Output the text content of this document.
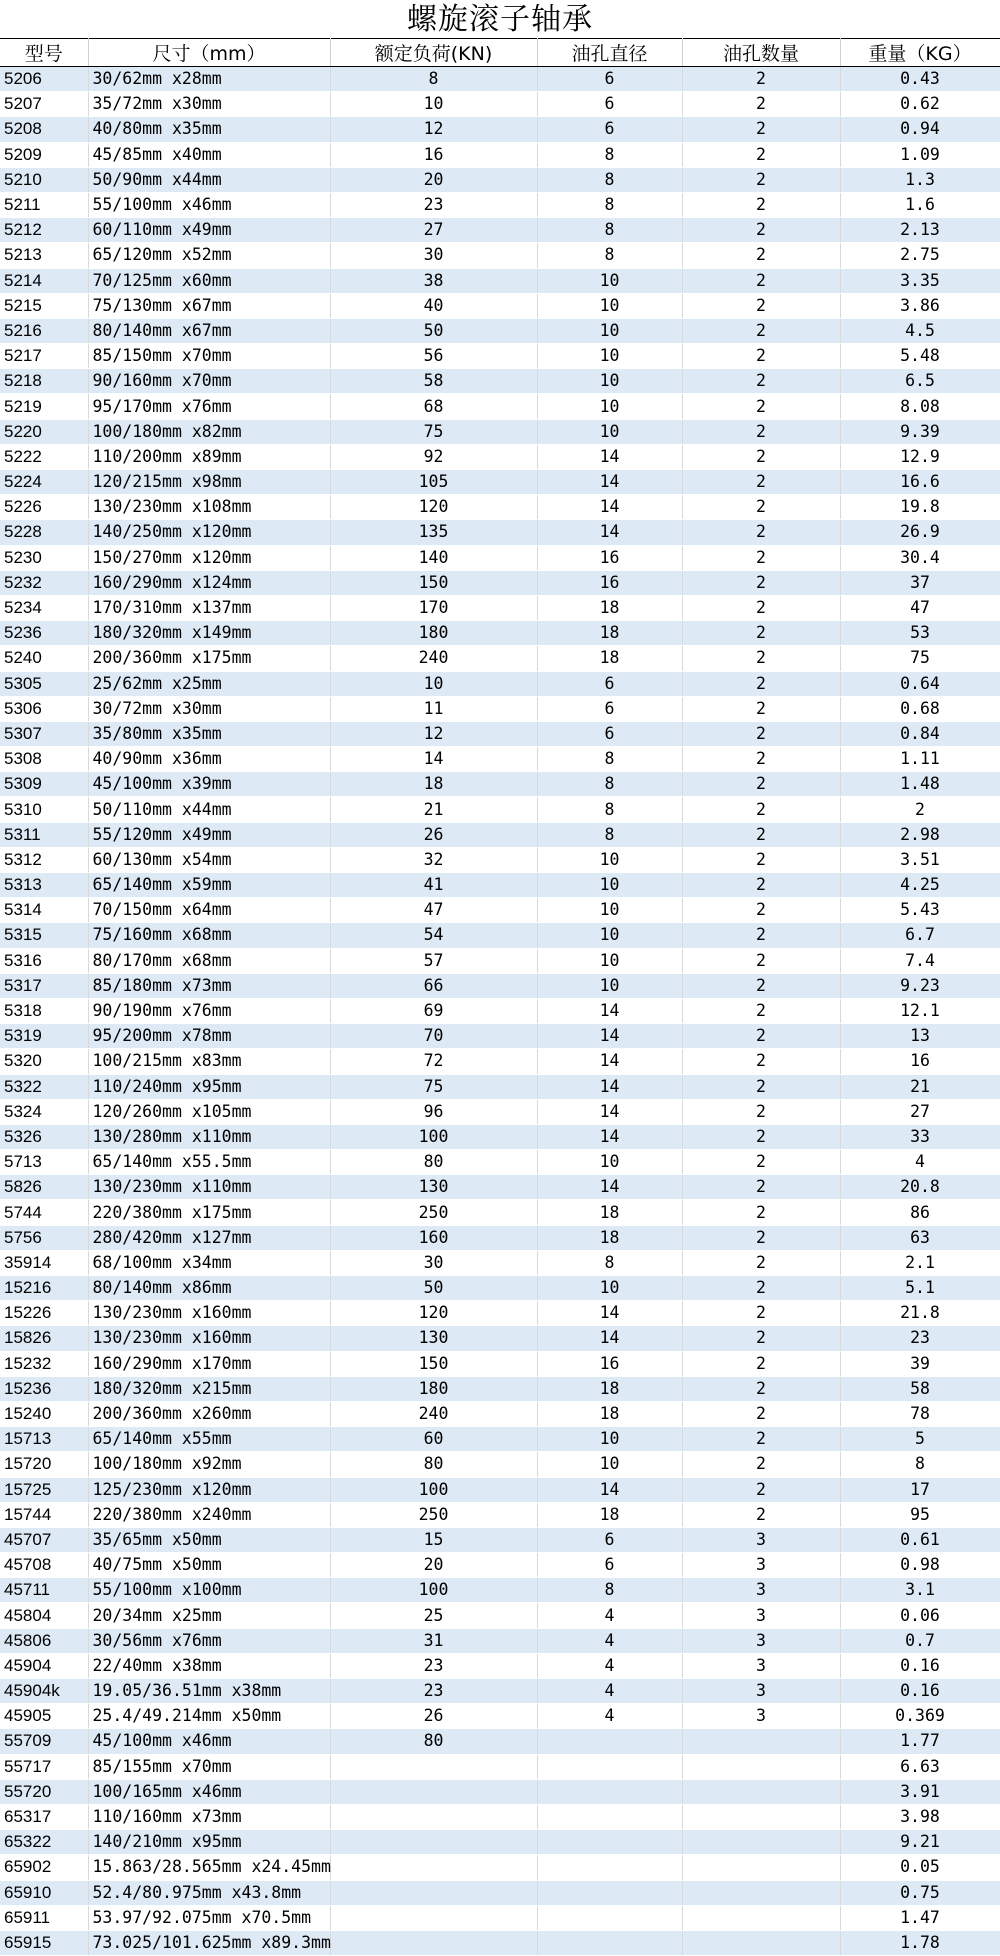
螺旋滚子轴承
型号	尺寸（mm）	额定负荷(KN)	油孔直径	油孔数量	重量（KG）
5206	30/62mm x28mm	8	6	2	0.43
5207	35/72mm x30mm	10	6	2	0.62
5208	40/80mm x35mm	12	6	2	0.94
5209	45/85mm x40mm	16	8	2	1.09
5210	50/90mm x44mm	20	8	2	1.3
5211	55/100mm x46mm	23	8	2	1.6
5212	60/110mm x49mm	27	8	2	2.13
5213	65/120mm x52mm	30	8	2	2.75
5214	70/125mm x60mm	38	10	2	3.35
5215	75/130mm x67mm	40	10	2	3.86
5216	80/140mm x67mm	50	10	2	4.5
5217	85/150mm x70mm	56	10	2	5.48
5218	90/160mm x70mm	58	10	2	6.5
5219	95/170mm x76mm	68	10	2	8.08
5220	100/180mm x82mm	75	10	2	9.39
5222	110/200mm x89mm	92	14	2	12.9
5224	120/215mm x98mm	105	14	2	16.6
5226	130/230mm x108mm	120	14	2	19.8
5228	140/250mm x120mm	135	14	2	26.9
5230	150/270mm x120mm	140	16	2	30.4
5232	160/290mm x124mm	150	16	2	37
5234	170/310mm x137mm	170	18	2	47
5236	180/320mm x149mm	180	18	2	53
5240	200/360mm x175mm	240	18	2	75
5305	25/62mm x25mm	10	6	2	0.64
5306	30/72mm x30mm	11	6	2	0.68
5307	35/80mm x35mm	12	6	2	0.84
5308	40/90mm x36mm	14	8	2	1.11
5309	45/100mm x39mm	18	8	2	1.48
5310	50/110mm x44mm	21	8	2	2
5311	55/120mm x49mm	26	8	2	2.98
5312	60/130mm x54mm	32	10	2	3.51
5313	65/140mm x59mm	41	10	2	4.25
5314	70/150mm x64mm	47	10	2	5.43
5315	75/160mm x68mm	54	10	2	6.7
5316	80/170mm x68mm	57	10	2	7.4
5317	85/180mm x73mm	66	10	2	9.23
5318	90/190mm x76mm	69	14	2	12.1
5319	95/200mm x78mm	70	14	2	13
5320	100/215mm x83mm	72	14	2	16
5322	110/240mm x95mm	75	14	2	21
5324	120/260mm x105mm	96	14	2	27
5326	130/280mm x110mm	100	14	2	33
5713	65/140mm x55.5mm	80	10	2	4
5826	130/230mm x110mm	130	14	2	20.8
5744	220/380mm x175mm	250	18	2	86
5756	280/420mm x127mm	160	18	2	63
35914	68/100mm x34mm	30	8	2	2.1
15216	80/140mm x86mm	50	10	2	5.1
15226	130/230mm x160mm	120	14	2	21.8
15826	130/230mm x160mm	130	14	2	23
15232	160/290mm x170mm	150	16	2	39
15236	180/320mm x215mm	180	18	2	58
15240	200/360mm x260mm	240	18	2	78
15713	65/140mm x55mm	60	10	2	5
15720	100/180mm x92mm	80	10	2	8
15725	125/230mm x120mm	100	14	2	17
15744	220/380mm x240mm	250	18	2	95
45707	35/65mm x50mm	15	6	3	0.61
45708	40/75mm x50mm	20	6	3	0.98
45711	55/100mm x100mm	100	8	3	3.1
45804	20/34mm x25mm	25	4	3	0.06
45806	30/56mm x76mm	31	4	3	0.7
45904	22/40mm x38mm	23	4	3	0.16
45904k	19.05/36.51mm x38mm	23	4	3	0.16
45905	25.4/49.214mm x50mm	26	4	3	0.369
55709	45/100mm x46mm	80			1.77
55717	85/155mm x70mm				6.63
55720	100/165mm x46mm				3.91
65317	110/160mm x73mm				3.98
65322	140/210mm x95mm				9.21
65902	15.863/28.565mm x24.45mm				0.05
65910	52.4/80.975mm x43.8mm				0.75
65911	53.97/92.075mm x70.5mm				1.47
65915	73.025/101.625mm x89.3mm				1.78
